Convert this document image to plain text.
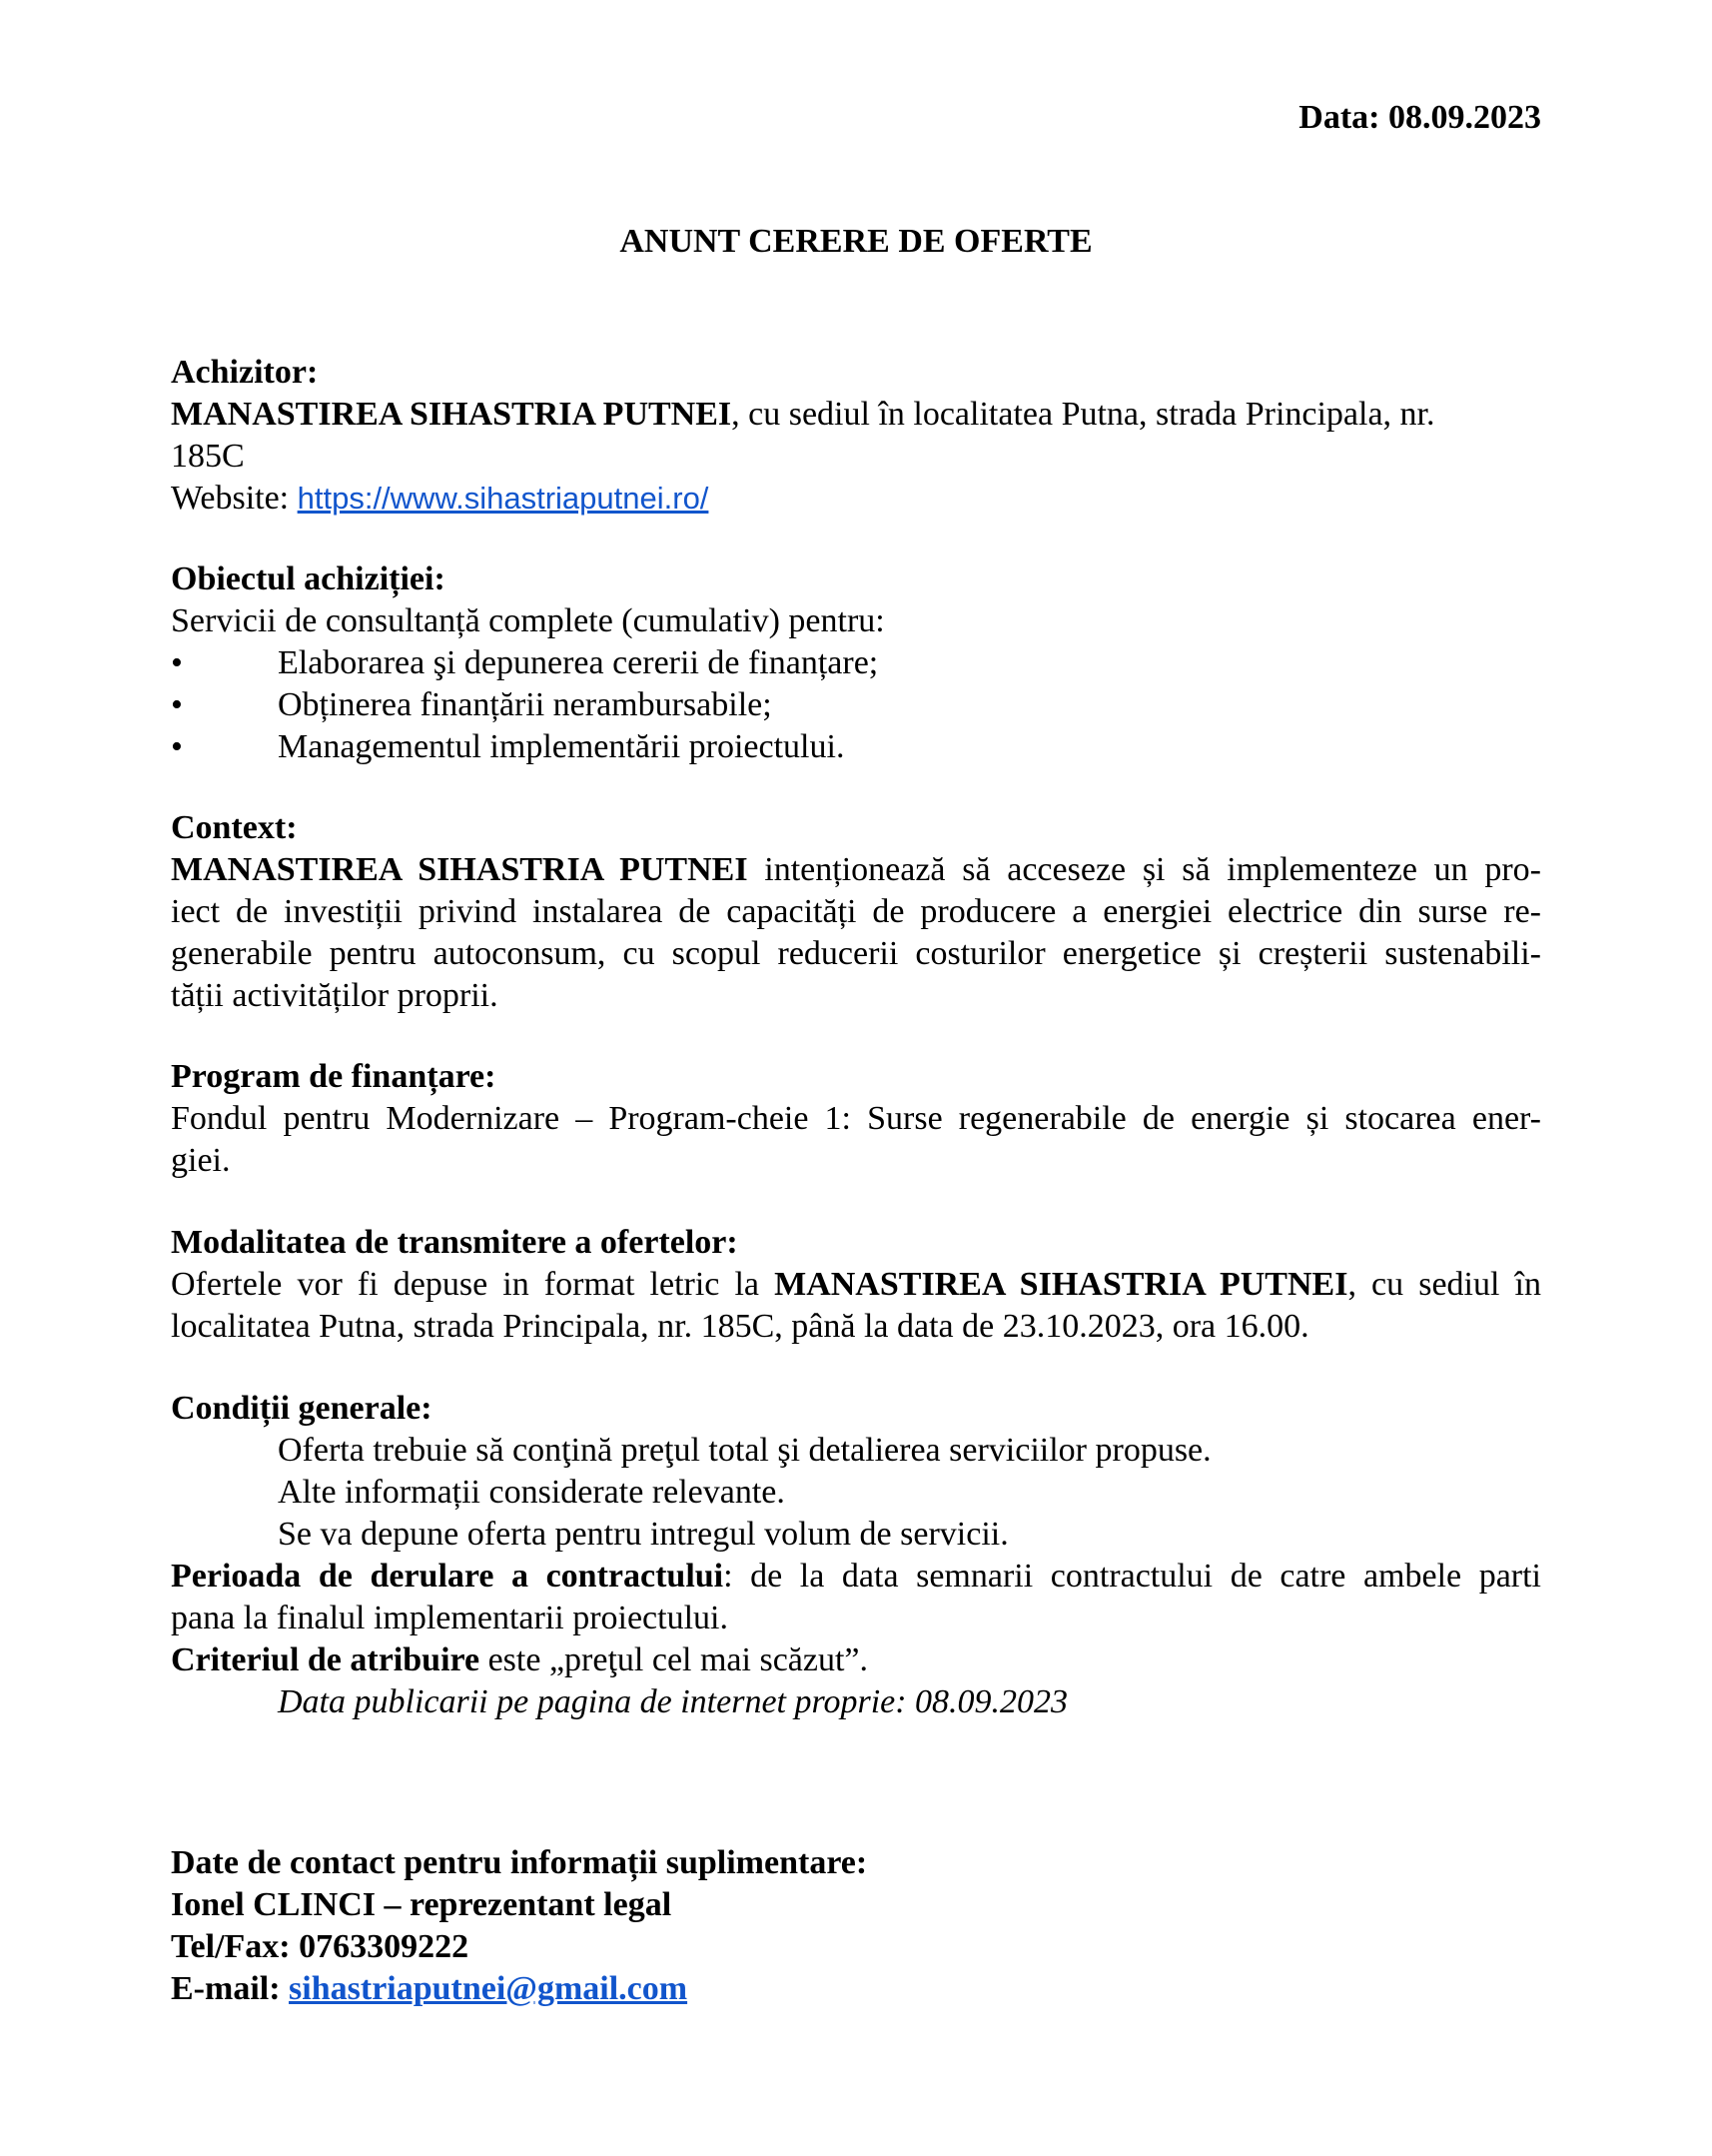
Data: 08.09.2023
ANUNT CERERE DE OFERTE
Achizitor:
MANASTIREA SIHASTRIA PUTNEI, cu sediul în localitatea Putna, strada Principala, nr.
185C
Website: https://www.sihastriaputnei.ro/
Obiectul achiziției:
Servicii de consultanță complete (cumulativ) pentru:
•	Elaborarea şi depunerea cererii de finanțare;
•	Obținerea finanțării nerambursabile;
•	Managementul implementării proiectului.
Context:
MANASTIREA SIHASTRIA PUTNEI intenționează să acceseze și să implementeze un pro-
iect de investiții privind instalarea de capacități de producere a energiei electrice din surse re-
generabile pentru autoconsum, cu scopul reducerii costurilor energetice și creșterii sustenabili-
tății activităților proprii.
Program de finanțare:
Fondul pentru Modernizare – Program-cheie 1: Surse regenerabile de energie și stocarea ener-
giei.
Modalitatea de transmitere a ofertelor:
Ofertele vor fi depuse in format letric la MANASTIREA SIHASTRIA PUTNEI, cu sediul în
localitatea Putna, strada Principala, nr. 185C, până la data de 23.10.2023, ora 16.00.
Condiții generale:
Oferta trebuie să conţină preţul total şi detalierea serviciilor propuse.
Alte informații considerate relevante.
Se va depune oferta pentru intregul volum de servicii.
Perioada de derulare a contractului: de la data semnarii contractului de catre ambele parti
pana la finalul implementarii proiectului.
Criteriul de atribuire este „preţul cel mai scăzut”.
Data publicarii pe pagina de internet proprie: 08.09.2023
Date de contact pentru informații suplimentare:
Ionel CLINCI – reprezentant legal
Tel/Fax: 0763309222
E-mail: sihastriaputnei@gmail.com
